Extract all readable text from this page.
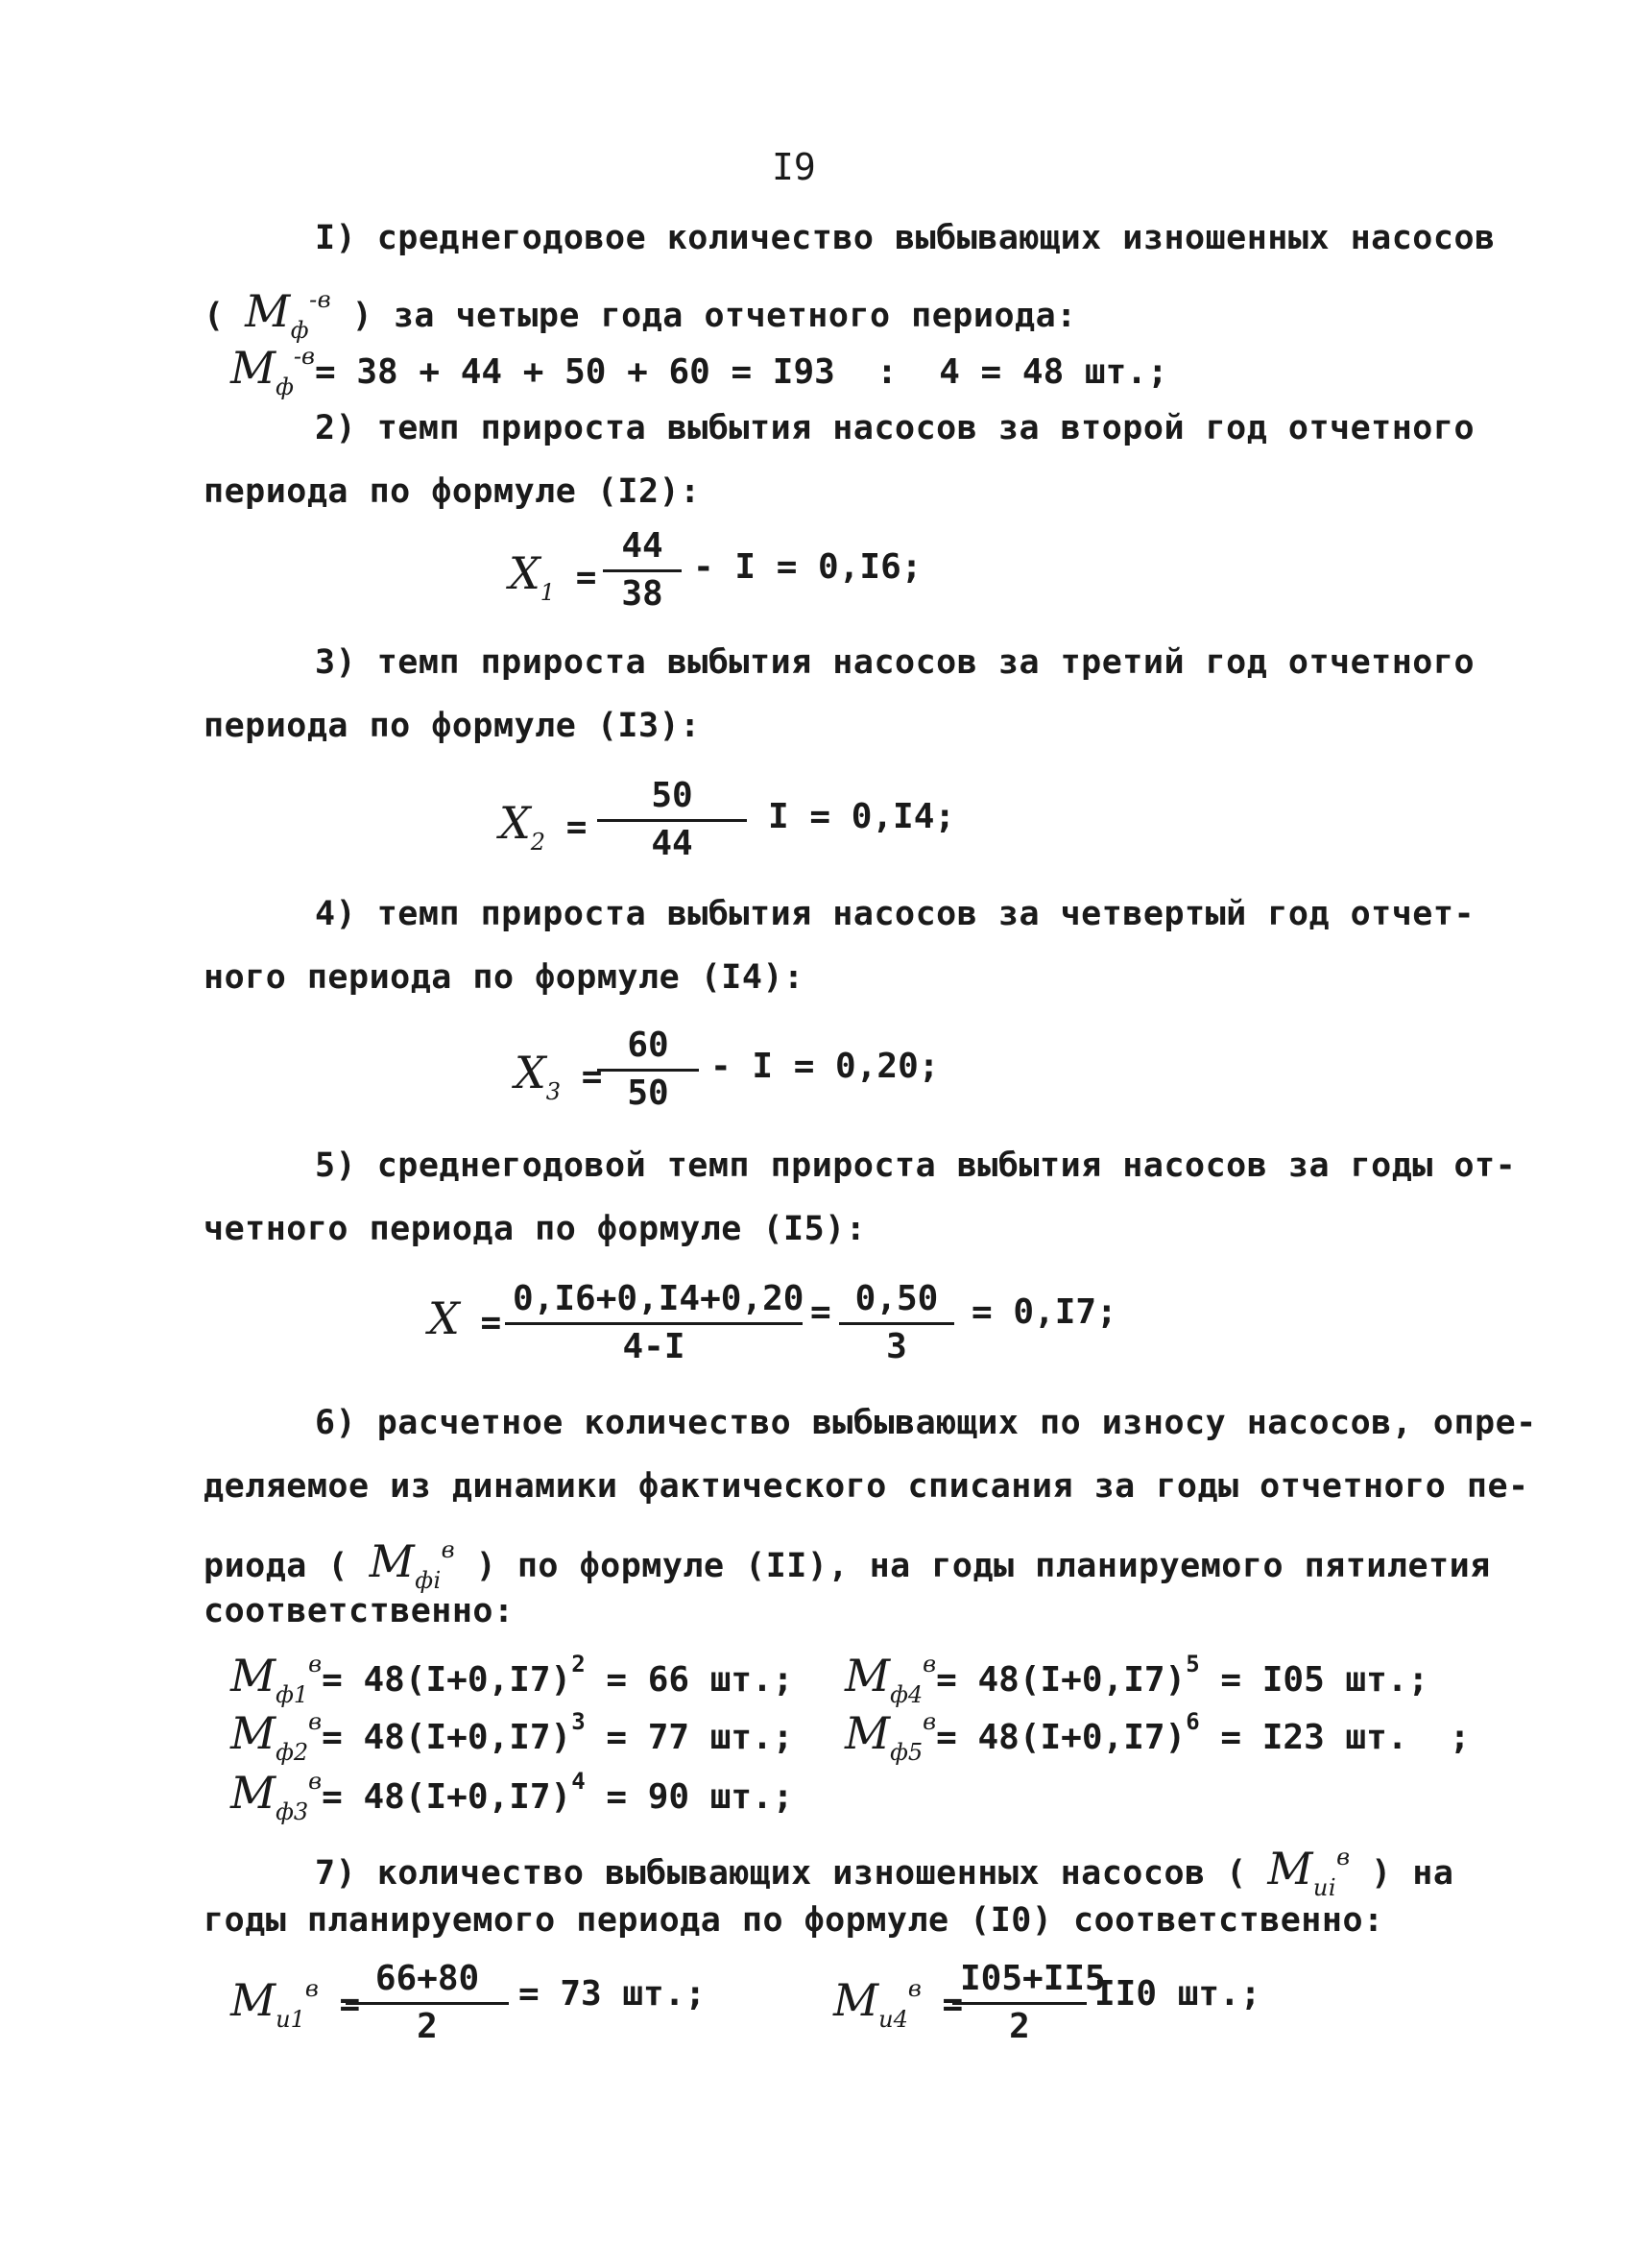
I9
I) среднегодовое количество выбывающих изношенных насосов
( $М_ф^{-в}$ ) за четыре года отчетного периода:
$М_ф^{-в}= 38 + 44 + 50 + 60 = I93$  :  4 = 48 шт.;
2) темп прироста выбытия насосов за второй год отчетного
периода по формуле (I2):
$X_1 = \frac{44}{38} - I = 0,I6$;
3) темп прироста выбытия насосов за третий год отчетного
периода по формуле (I3):
$X_2 = \frac{50}{44}$ I = 0,I4;
4) темп прироста выбытия насосов за четвертый год отчет-
ного периода по формуле (I4):
$X_3$ =
$\frac{60}{50} - I = 0,20$;
5) среднегодовой темп прироста выбытия насосов за годы от-
четного периода по формуле (I5):
$X = \frac{0,I6+0,I4+0,20}{4-I} = \frac{0,50}{3} = 0,I7$;
6) расчетное количество выбывающих по износу насосов, опре-
деляемое из динамики фактического списания за годы отчетного пе-
риода ( $М_{фi}^в$ ) по формуле (II), на годы планируемого пятилетия
соответственно:
$М_{ф1}^в= 48(I+0,I7)^2 = 66$ шт.;
$М_{ф2}^в= 48(I+0,I7)^3 = 77$ шт.;
$М_{ф3}^в= 48(I+0,I7)^4 = 90$ шт.;
$М_{ф4}^в= 48(I+0,I7)^5 = I05$ шт.;
$М_{ф5}^в= 48(I+0,I7)^6 = I23$ шт.  ;
7) количество выбывающих изношенных насосов ( $М_{иi}^в$ ) на
годы планируемого периода по формуле (I0) соответственно:
$М_{и1}^в$ =
$\frac{66+80}{2} = 73$ шт.;	$М_{и4}^в$ =
$\frac{I05+II5}{2} II0$ шт.;
